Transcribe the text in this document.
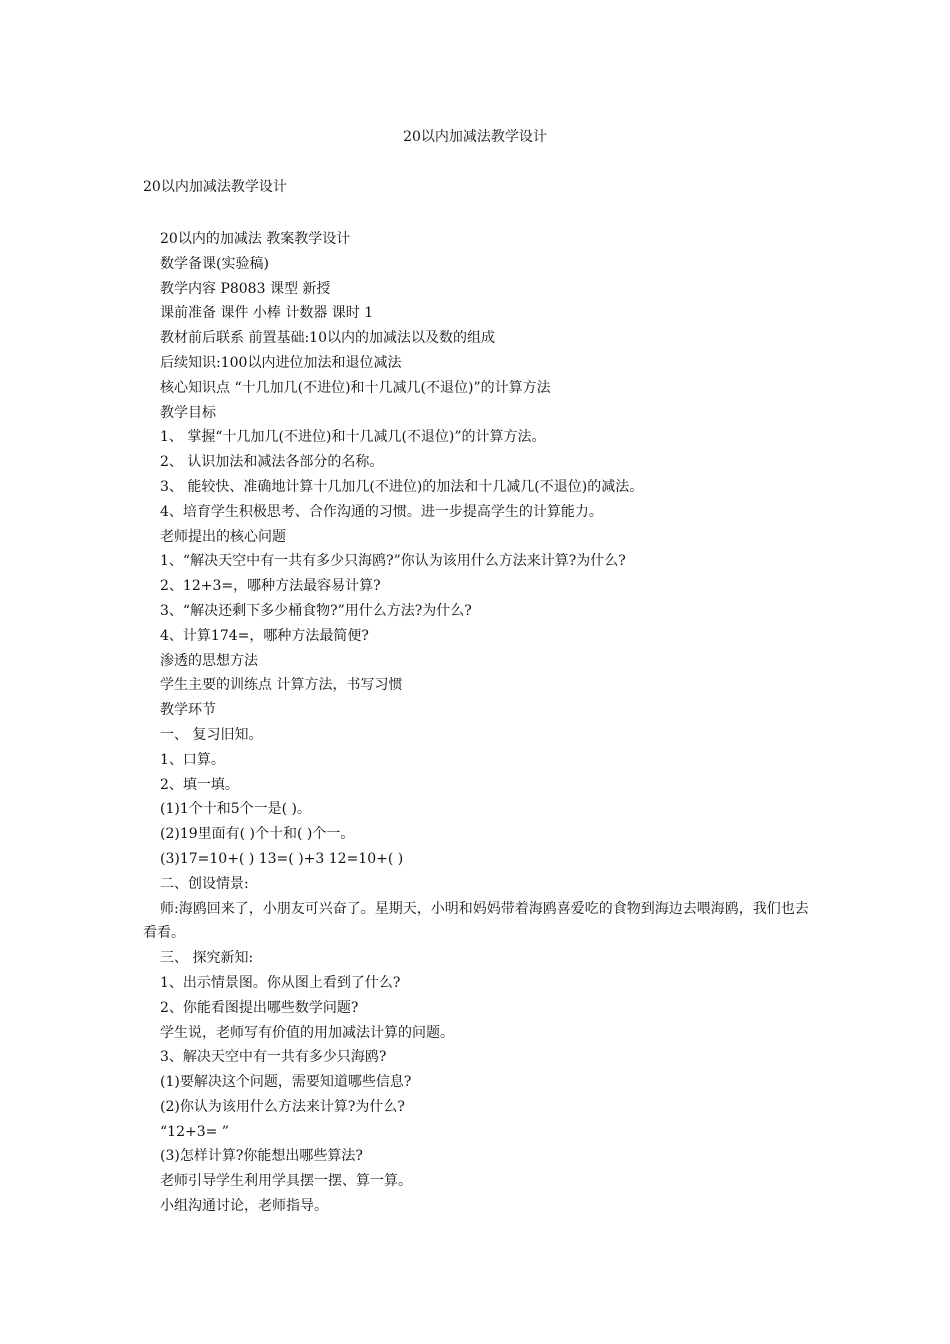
20以内加减法教学设计
20以内加减法教学设计
20以内的加减法 教案教学设计
数学备课(实验稿)
教学内容 P8083 课型 新授
课前准备 课件 小棒 计数器 课时 1
教材前后联系 前置基础:10以内的加减法以及数的组成
后续知识:100以内进位加法和退位减法
核心知识点 “十几加几(不进位)和十几减几(不退位)”的计算方法
教学目标
1、 掌握“十几加几(不进位)和十几减几(不退位)”的计算方法。
2、 认识加法和减法各部分的名称。
3、 能较快、准确地计算十几加几(不进位)的加法和十几减几(不退位)的减法。
4、培育学生积极思考、合作沟通的习惯。进一步提高学生的计算能力。
老师提出的核心问题
1、“解决天空中有一共有多少只海鸥?”你认为该用什么方法来计算?为什么?
2、12+3=，哪种方法最容易计算?
3、“解决还剩下多少桶食物?”用什么方法?为什么?
4、计算174=，哪种方法最简便?
渗透的思想方法
学生主要的训练点 计算方法，书写习惯
教学环节
一、 复习旧知。
1、口算。
2、填一填。
(1)1个十和5个一是( )。
(2)19里面有( )个十和( )个一。
(3)17=10+( ) 13=( )+3 12=10+( )
二、创设情景:
师:海鸥回来了，小朋友可兴奋了。星期天，小明和妈妈带着海鸥喜爱吃的食物到海边去喂海鸥，我们也去看看。
三、 探究新知:
1、出示情景图。你从图上看到了什么?
2、你能看图提出哪些数学问题?
学生说，老师写有价值的用加减法计算的问题。
3、解决天空中有一共有多少只海鸥?
(1)要解决这个问题，需要知道哪些信息?
(2)你认为该用什么方法来计算?为什么?
“12+3= ”
(3)怎样计算?你能想出哪些算法?
老师引导学生利用学具摆一摆、算一算。
小组沟通讨论，老师指导。
